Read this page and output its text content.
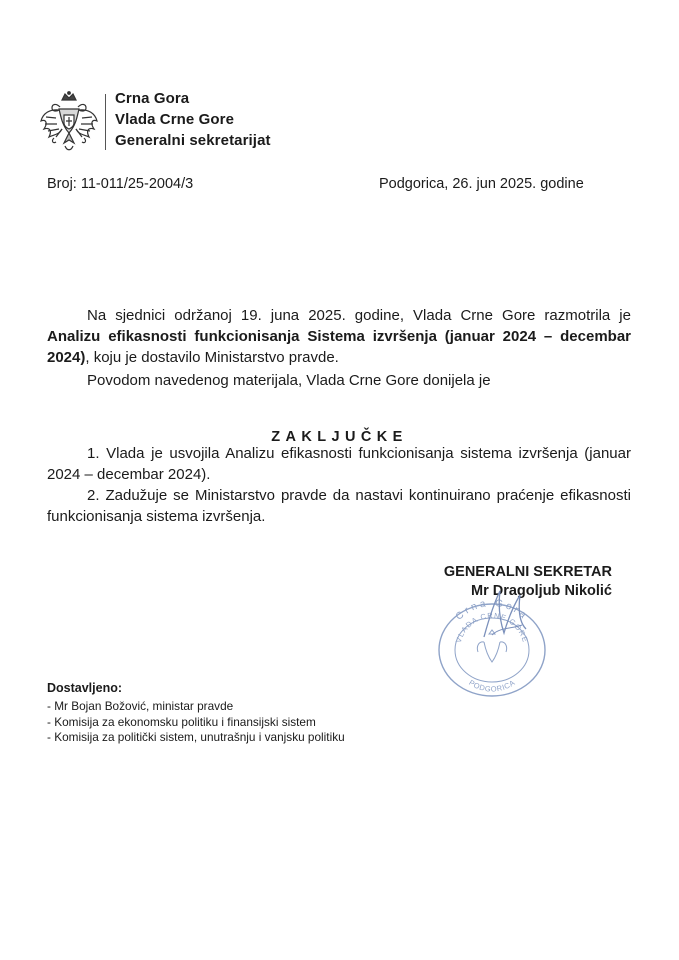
Crna Gora
Vlada Crne Gore
Generalni sekretarijat
Broj: 11-011/25-2004/3	Podgorica, 26. jun 2025. godine

Na sjednici održanoj 19. juna 2025. godine, Vlada Crne Gore razmotrila je Analizu efikasnosti funkcionisanja Sistema izvršenja (januar 2024 – decembar 2024), koju je dostavilo Ministarstvo pravde.

Povodom navedenog materijala, Vlada Crne Gore donijela je

ZAKLJUČKE

1. Vlada je usvojila Analizu efikasnosti funkcionisanja sistema izvršenja (januar 2024 – decembar 2024).

2. Zadužuje se Ministarstvo pravde da nastavi kontinuirano praćenje efikasnosti funkcionisanja sistema izvršenja.

GENERALNI SEKRETAR
Mr Dragoljub Nikolić
Crna Gora
VLADA CRNE GORE
PODGORICA
Dostavljeno:
- Mr Bojan Božović, ministar pravde
- Komisija za ekonomsku politiku i finansijski sistem
- Komisija za politički sistem, unutrašnju i vanjsku politiku
